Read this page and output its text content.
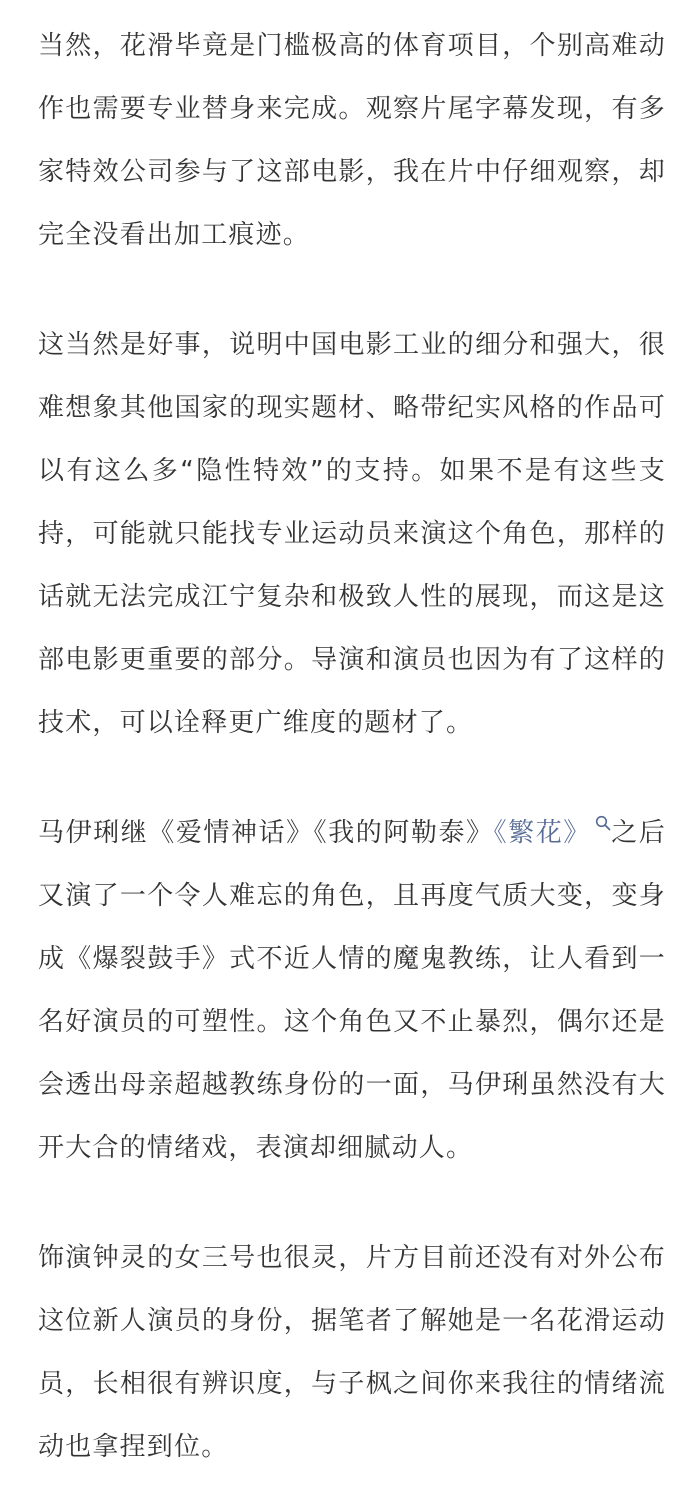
当然，花滑毕竟是门槛极高的体育项目，个别高难动作也需要专业替身来完成。观察片尾字幕发现，有多家特效公司参与了这部电影，我在片中仔细观察，却完全没看出加工痕迹。

这当然是好事，说明中国电影工业的细分和强大，很难想象其他国家的现实题材、略带纪实风格的作品可以有这么多“隐性特效”的支持。如果不是有这些支持，可能就只能找专业运动员来演这个角色，那样的话就无法完成江宁复杂和极致人性的展现，而这是这部电影更重要的部分。导演和演员也因为有了这样的技术，可以诠释更广维度的题材了。

马伊琍继《爱情神话》《我的阿勒泰》《繁花》 之后又演了一个令人难忘的角色，且再度气质大变，变身成《爆裂鼓手》式不近人情的魔鬼教练，让人看到一名好演员的可塑性。这个角色又不止暴烈，偶尔还是会透出母亲超越教练身份的一面，马伊琍虽然没有大开大合的情绪戏，表演却细腻动人。

饰演钟灵的女三号也很灵，片方目前还没有对外公布这位新人演员的身份，据笔者了解她是一名花滑运动员，长相很有辨识度，与子枫之间你来我往的情绪流动也拿捏到位。
